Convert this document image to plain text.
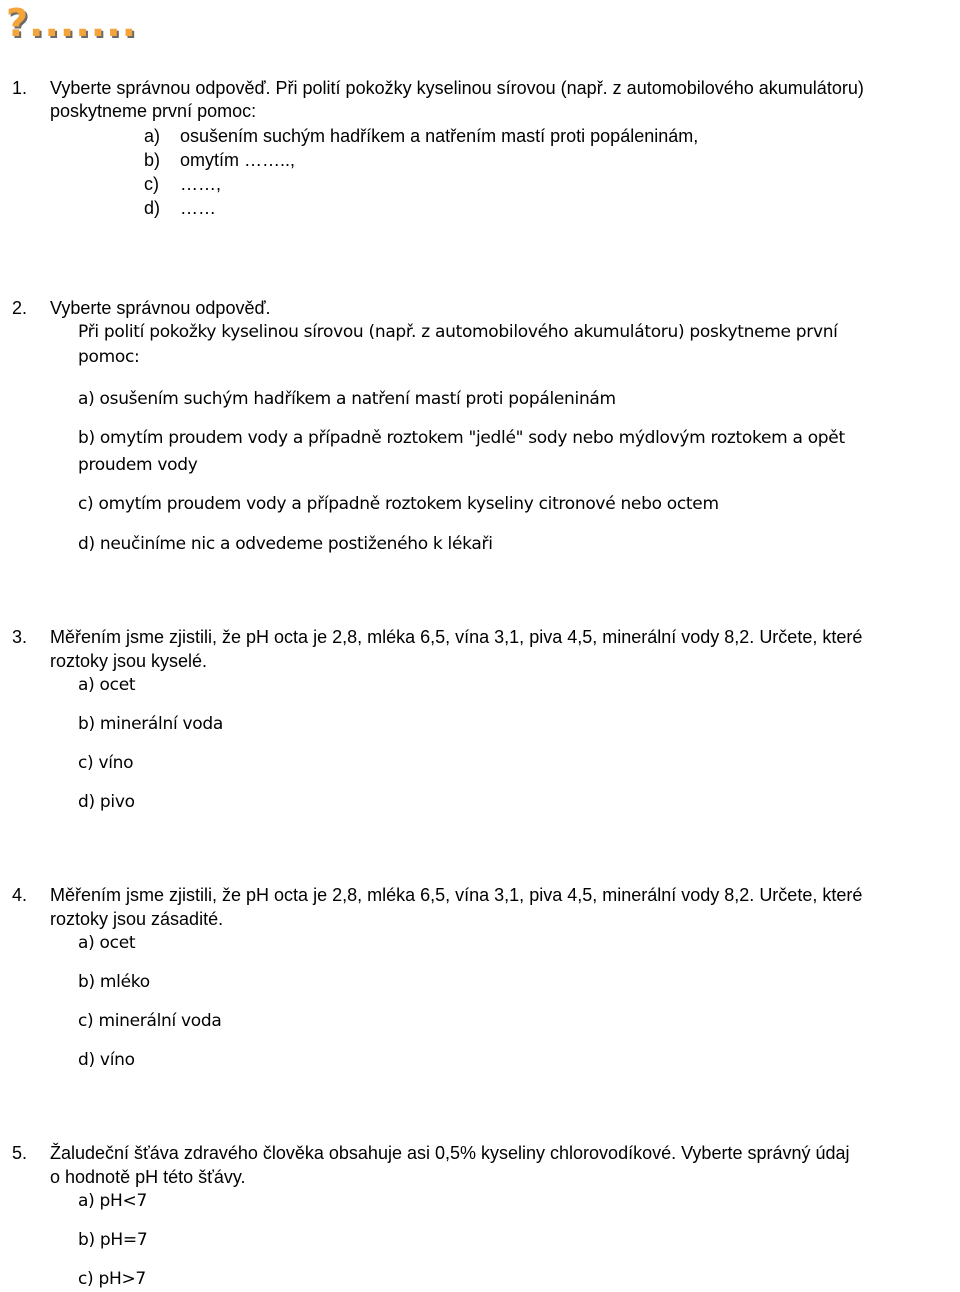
?.......
1. Vyberte správnou odpověď. Při polití pokožky kyselinou sírovou (např. z automobilového akumulátoru)
poskytneme první pomoc:
a) osušením suchým hadříkem a natřením mastí proti popáleninám,
b) omytím ……..,
c) ……,
d) ……
2. Vyberte správnou odpověď.
Při polití pokožky kyselinou sírovou (např. z automobilového akumulátoru) poskytneme první
pomoc:
a) osušením suchým hadříkem a natření mastí proti popáleninám
b) omytím proudem vody a případně roztokem "jedlé" sody nebo mýdlovým roztokem a opět
proudem vody
c) omytím proudem vody a případně roztokem kyseliny citronové nebo octem
d) neučiníme nic a odvedeme postiženého k lékaři
3. Měřením jsme zjistili, že pH octa je 2,8, mléka 6,5, vína 3,1, piva 4,5, minerální vody 8,2. Určete, které
roztoky jsou kyselé.
a) ocet
b) minerální voda
c) víno
d) pivo
4. Měřením jsme zjistili, že pH octa je 2,8, mléka 6,5, vína 3,1, piva 4,5, minerální vody 8,2. Určete, které
roztoky jsou zásadité.
a) ocet
b) mléko
c) minerální voda
d) víno
5. Žaludeční šťáva zdravého člověka obsahuje asi 0,5% kyseliny chlorovodíkové. Vyberte správný údaj
o hodnotě pH této šťávy.
a) pH<7
b) pH=7
c) pH>7
